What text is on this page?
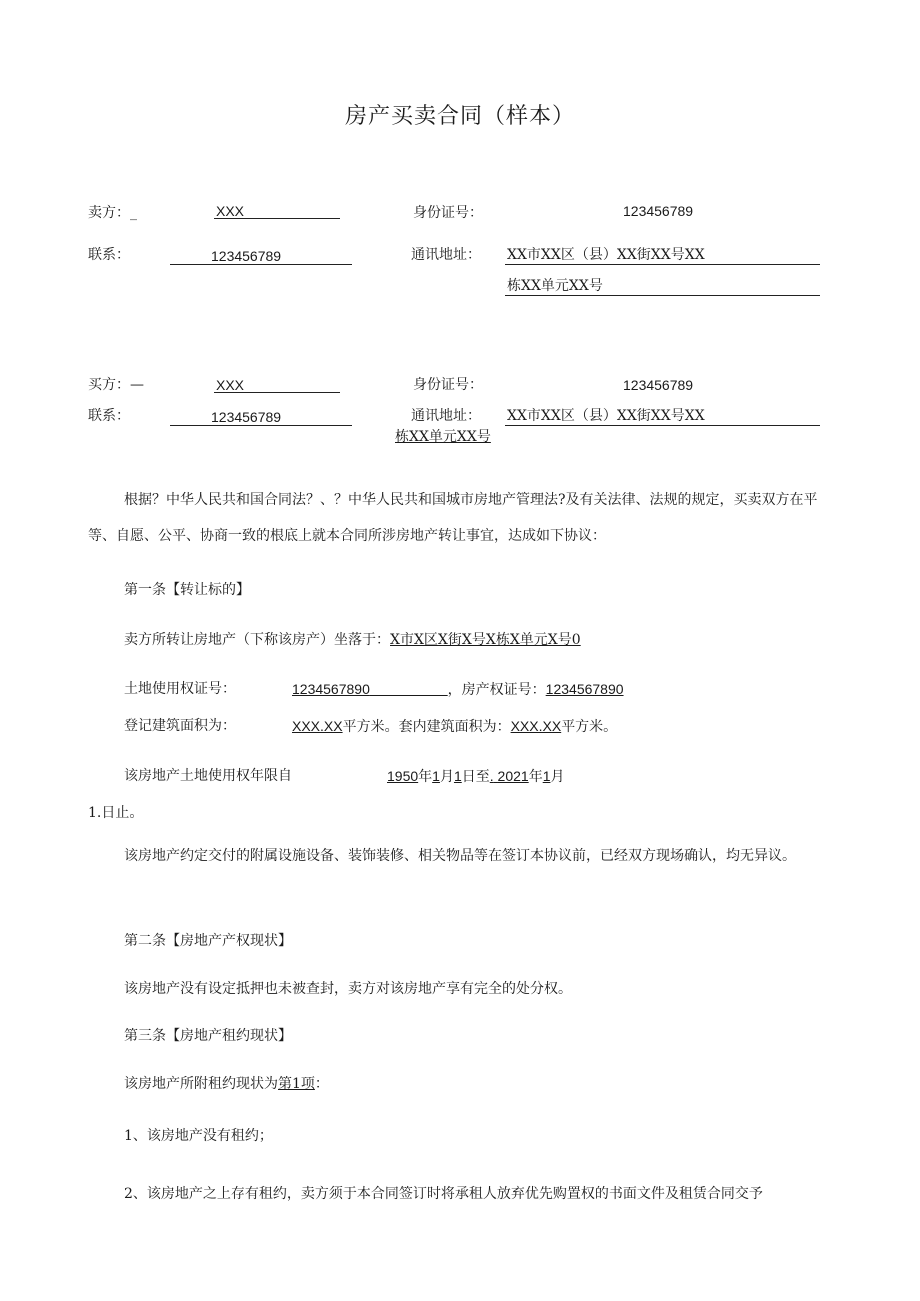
房产买卖合同（样本）
卖方：_	XXX	身份证号：	123456789
联系：	123456789	通讯地址： XX市XX区（县）XX街XX号XX
栋XX单元XX号
买方：—	XXX	身份证号：	123456789
联系：	123456789	通讯地址： XX市XX区（县）XX街XX号XX
栋XX单元XX号
根据？中华人民共和国合同法？、？中华人民共和国城市房地产管理法?及有关法律、法规的规定，买卖双方在平等、自愿、公平、协商一致的根底上就本合同所涉房地产转让事宜，达成如下协议：
第一条【转让标的】
卖方所转让房地产（下称该房产）坐落于：X市X区X街X号X栋X单元X号0
土地使用权证号：	1234567890	，房产权证号：1234567890
登记建筑面积为：	XXX.XX平方米。套内建筑面积为：XXX.XX平方米。
该房地产土地使用权年限自	1950年1月1日至. 2021年1月
1.日止。
该房地产约定交付的附属设施设备、装饰装修、相关物品等在签订本协议前，已经双方现场确认，均无异议。
第二条【房地产产权现状】
该房地产没有设定抵押也未被查封，卖方对该房地产享有完全的处分权。
第三条【房地产租约现状】
该房地产所附租约现状为第1项：
1、该房地产没有租约；
2、该房地产之上存有租约，卖方须于本合同签订时将承租人放弃优先购置权的书面文件及租赁合同交予
